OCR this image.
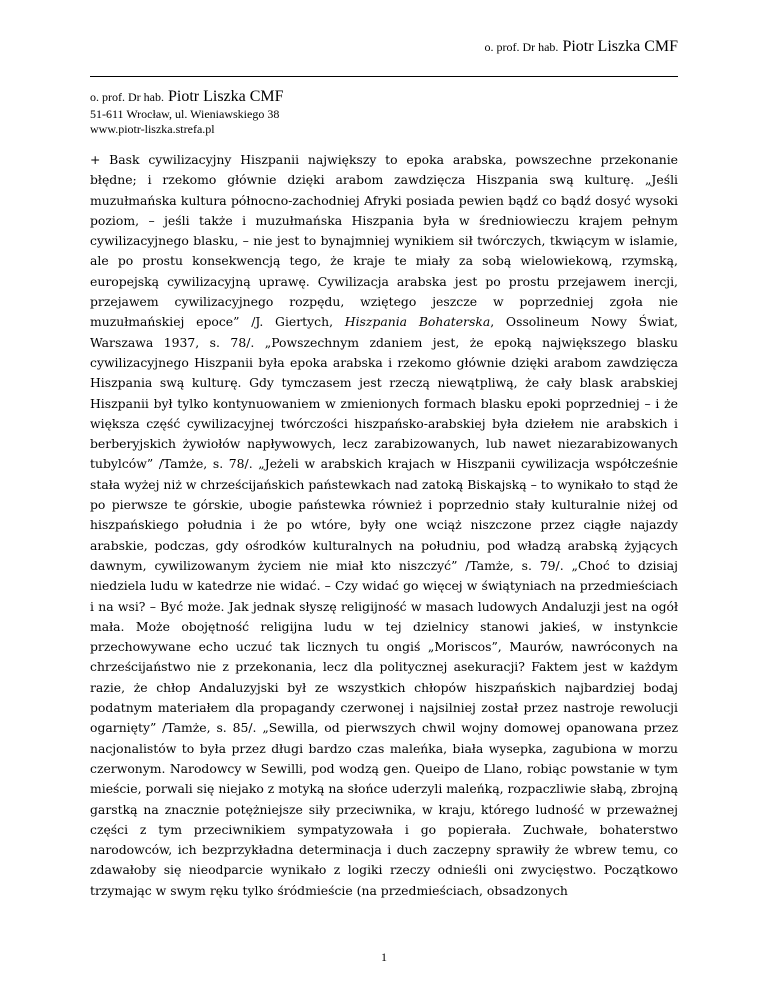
o. prof. Dr hab. Piotr Liszka CMF
o. prof. Dr hab. Piotr Liszka CMF
51-611 Wrocław, ul. Wieniawskiego 38
www.piotr-liszka.strefa.pl
+ Bask cywilizacyjny Hiszpanii największy to epoka arabska, powszechne przekonanie błędne; i rzekomo głównie dzięki arabom zawdzięcza Hiszpania swą kulturę. „Jeśli muzułmańska kultura północno-zachodniej Afryki posiada pewien bądź co bądź dosyć wysoki poziom, – jeśli także i muzułmańska Hiszpania była w średniowieczu krajem pełnym cywilizacyjnego blasku, – nie jest to bynajmniej wynikiem sił twórczych, tkwiącym w islamie, ale po prostu konsekwencją tego, że kraje te miały za sobą wielowiekową, rzymską, europejską cywilizacyjną uprawę. Cywilizacja arabska jest po prostu przejawem inercji, przejawem cywilizacyjnego rozpędu, wziętego jeszcze w poprzedniej zgoła nie muzułmańskiej epoce” /J. Giertych, Hiszpania Bohaterska, Ossolineum Nowy Świat, Warszawa 1937, s. 78/. „Powszechnym zdaniem jest, że epoką największego blasku cywilizacyjnego Hiszpanii była epoka arabska i rzekomo głównie dzięki arabom zawdzięcza Hiszpania swą kulturę. Gdy tymczasem jest rzeczą niewątpliwą, że cały blask arabskiej Hiszpanii był tylko kontynuowaniem w zmienionych formach blasku epoki poprzedniej – i że większa część cywilizacyjnej twórczości hiszpańsko-arabskiej była dziełem nie arabskich i berberyjskich żywiołów napływowych, lecz zarabizowanych, lub nawet niezarabizowanych tubylców” /Tamże, s. 78/. „Jeżeli w arabskich krajach w Hiszpanii cywilizacja współcześnie stała wyżej niż w chrześcijańskich państewkach nad zatoką Biskajską – to wynikało to stąd że po pierwsze te górskie, ubogie państewka również i poprzednio stały kulturalnie niżej od hiszpańskiego południa i że po wtóre, były one wciąż niszczone przez ciągłe najazdy arabskie, podczas, gdy ośrodków kulturalnych na południu, pod władzą arabską żyjących dawnym, cywilizowanym życiem nie miał kto niszczyć” /Tamże, s. 79/. „Choć to dzisiaj niedziela ludu w katedrze nie widać. – Czy widać go więcej w świątyniach na przedmieściach i na wsi? – Być może. Jak jednak słyszę religijność w masach ludowych Andaluzji jest na ogół mała. Może obojętność religijna ludu w tej dzielnicy stanowi jakieś, w instynkcie przechowywane echo uczuć tak licznych tu ongiś „Moriscos”, Maurów, nawróconych na chrześcijaństwo nie z przekonania, lecz dla politycznej asekuracji? Faktem jest w każdym razie, że chłop Andaluzyjski był ze wszystkich chłopów hiszpańskich najbardziej bodaj podatnym materiałem dla propagandy czerwonej i najsilniej został przez nastroje rewolucji ogarnięty” /Tamże, s. 85/. „Sewilla, od pierwszych chwil wojny domowej opanowana przez nacjonalistów to była przez długi bardzo czas maleńka, biała wysepka, zagubiona w morzu czerwonym. Narodowcy w Sewilli, pod wodzą gen. Queipo de Llano, robiąc powstanie w tym mieście, porwali się niejako z motyką na słońce uderzyli maleńką, rozpaczliwie słabą, zbrojną garstką na znacznie potężniejsze siły przeciwnika, w kraju, którego ludność w przeważnej części z tym przeciwnikiem sympatyzowała i go popierała. Zuchwałe, bohaterstwo narodowców, ich bezprzykładna determinacja i duch zaczepny sprawiły że wbrew temu, co zdawałoby się nieodparcie wynikało z logiki rzeczy odnieśli oni zwycięstwo. Początkowo trzymając w swym ręku tylko śródmieście (na przedmieściach, obsadzonych
1
